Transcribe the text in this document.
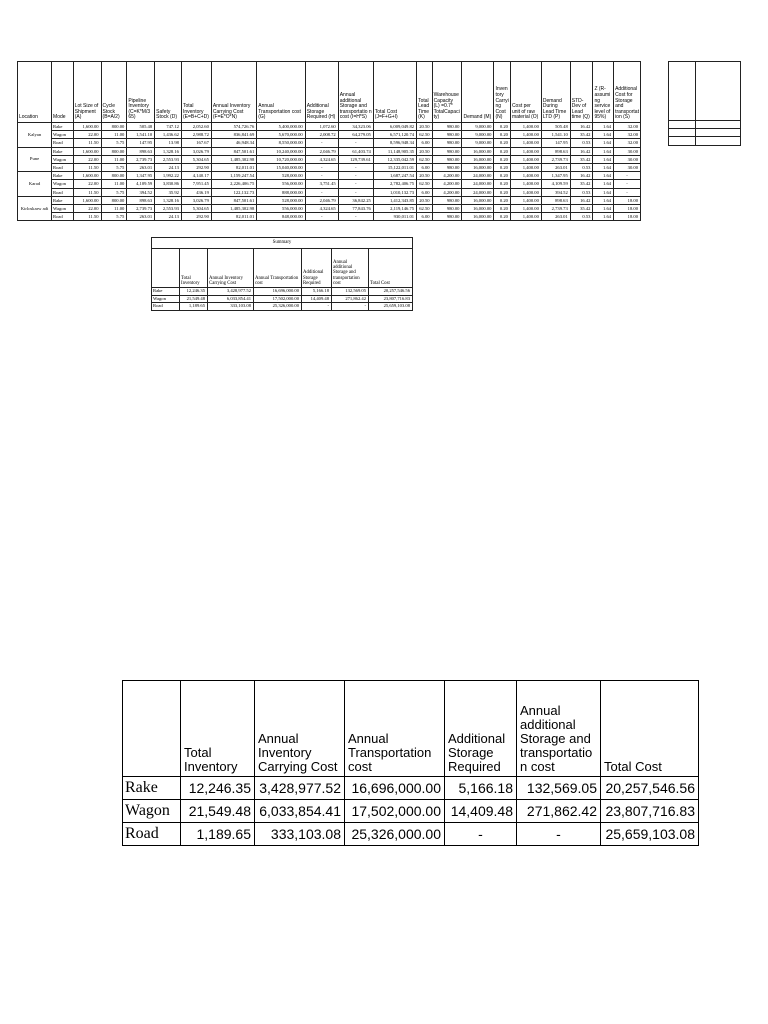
Location	Mode	Lot Size of Shipment (A)	Cycle Stock (B=A/2)	Pipeline Inventory (C=K*M/3 65)	Safety Stock (D)	Total Inventory (E=B+C+D)	Annual Inventory Carrying Cost (F=E*O*N)	Annual Transportation cost (G)	Additional Storage Required (H)	Annual additional Storage and transportatio n cost (I=H*S)	Total Cost (J=F+G+I)	Total Lead Time (K)	Warehouse Capacity (L) =0.7* TotalCapacity)	Demand (M)	Inventory Carrying Cost (N)	Cost per unit of raw material (O)	Demand During Lead Time LTD (P)	STD-Dev of Lead time (Q)	Z (R-assuming service level of 95%)	Additional Cost for Storage and transportation (S)
Kalyan	Rake	1,600.00	800.00	505.48	747.12	2,052.60	574,726.76	5,400,000.00	1,072.60	34,323.06	6,009,049.82	20.50	980.00	9,000.00	0.20	1,400.00	505.48	16.42	1.64	32.00
	Wagon	22.00	11.00	1,541.10	1,436.62	2,988.72	836,841.69	5,670,000.00	2,008.72	64,279.05	6,571,120.74	62.50	980.00	9,000.00	0.20	1,400.00	1,541.10	35.42	1.64	32.00
	Road	11.50	5.75	147.95	13.98	167.67	46,948.34	8,550,000.00	-	-	8,596,948.34	6.00	980.00	9,000.00	0.20	1,400.00	147.95	0.53	1.64	32.00
Pune	Rake	1,600.00	800.00	898.63	1,328.16	3,026.79	847,501.61	10,240,000.00	2,046.79	61,403.74	11,148,905.35	20.50	980.00	16,000.00	0.20	1,400.00	898.63	16.42	1.64	30.00
	Wagon	22.00	11.00	2,739.73	2,553.93	5,304.65	1,485,302.98	10,720,000.00	4,324.65	129,739.61	12,335,042.59	62.50	980.00	16,000.00	0.20	1,400.00	2,739.73	35.42	1.64	30.00
	Road	11.50	5.75	263.01	24.13	292.90	82,011.01	15,040,000.00	-	-	15,122,011.01	6.00	980.00	16,000.00	0.20	1,400.00	263.01	0.53	1.64	30.00
Karad	Rake	1,600.00	800.00	1,347.95	1,992.22	4,140.17	1,159,247.54	528,000.00	-	-	1,687,247.54	20.50	4,200.00	24,000.00	0.20	1,400.00	1,347.95	16.42	1.64	-
	Wagon	22.00	11.00	4,109.59	3,830.86	7,951.45	2,226,406.75	556,000.00	3,751.45	-	2,782,406.75	62.50	4,200.00	24,000.00	0.20	1,400.00	4,109.59	35.42	1.64	-
	Road	11.50	5.75	394.52	35.92	436.19	122,132.73	888,000.00	-	-	1,010,132.73	6.00	4,200.00	24,000.00	0.20	1,400.00	394.52	0.53	1.64	-
Kirloskarw adi	Rake	1,600.00	800.00	898.63	1,328.16	3,026.79	847,501.61	528,000.00	2,046.79	36,842.25	1,412,343.85	20.50	980.00	16,000.00	0.20	1,400.00	898.63	16.42	1.64	18.00
	Wagon	22.00	11.00	2,739.73	2,553.93	5,304.65	1,485,302.98	556,000.00	4,324.65	77,843.76	2,119,146.75	62.50	980.00	16,000.00	0.20	1,400.00	2,739.73	35.42	1.64	18.00
	Road	11.50	5.75	263.01	24.13	292.90	82,011.01	848,000.00	-	-	930,011.01	6.00	980.00	16,000.00	0.20	1,400.00	263.01	0.53	1.64	18.00

Summary						
	Total Inventory	Annual Inventory Carrying Cost	Annual Transportation cost	Additional Storage Required	Annual additional Storage and transportation cost	Total Cost
Rake	12,246.35	3,428,977.52	16,696,000.00	5,166.18	132,569.05	20,257,546.56
Wagon	21,549.48	6,033,854.41	17,502,000.00	14,409.48	271,862.42	23,807,716.83
Road	1,189.65	333,103.08	25,326,000.00	-	-	25,659,103.08
	Total Inventory	Annual Inventory Carrying Cost	Annual Transportation cost	Additional Storage Required	Annual additional Storage and transportatio n cost	Total Cost
Rake	12,246.35	3,428,977.52	16,696,000.00	5,166.18	132,569.05	20,257,546.56
Wagon	21,549.48	6,033,854.41	17,502,000.00	14,409.48	271,862.42	23,807,716.83
Road	1,189.65	333,103.08	25,326,000.00	-	-	25,659,103.08
